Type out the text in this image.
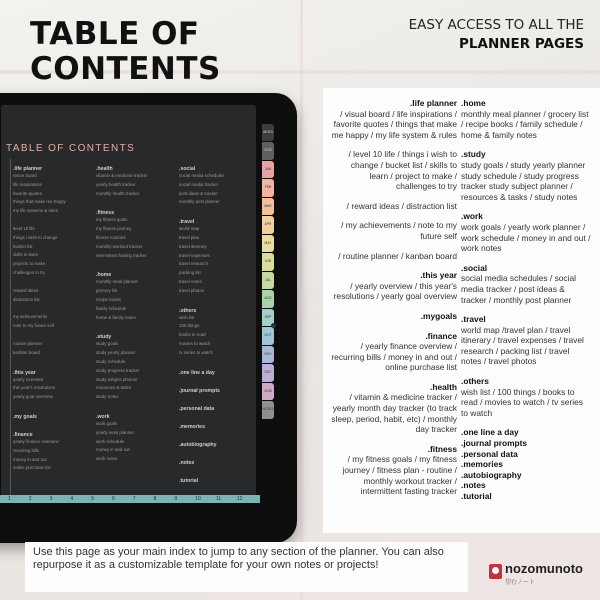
TABLE OF
CONTENTS
EASY ACCESS TO ALL THE
PLANNER PAGES
TABLE OF CONTENTS
.life planner
vision board
life inspirations
favorite quotes
things that make me happy
my life systems & rules
level 10 life
things i wish to change
bucket list
skills to learn
projects to make
challenges to try
reward ideas
distraction list
my achievements
note to my future self
routine planner
kanban board
.this year
yearly overview
this year's resolutions
yearly goal overview
.my goals
.finance
yearly finance overview
recurring bills
money in and out
online purchase list
.health
vitamin & medicine tracker
yearly health tracker
monthly health tracker
.fitness
my fitness goals
my fitness journey
fitness routines
monthly workout tracker
intermittent fasting tracker
.home
monthly meal planner
grocery list
recipe books
family schedule
home & family notes
.study
study goals
study yearly planner
study schedule
study progress tracker
study subject planner
resources & tasks
study notes
.work
work goals
yearly work planner
work schedule
money in and out
work notes
.social
social media schedules
social media tracker
post ideas & tracker
monthly post planner
.travel
world map
travel plan
travel itinerary
travel expenses
travel research
packing list
travel notes
travel photos
.others
wish list
100 things
books to read
movies to watch
tv series to watch
.one line a day
.journal prompts
.personal data
.memories
.autobiography
.notes
.tutorial
INDEX
2025
JAN
FEB
MAR
APR
MAY
JUN
JUL
AUG
SEP
OCT
NOV
DEC
2026
NOTES
1	2	3	4	5	6	7	8	9	10	11	12
.life planner
/ visual board / life inspirations / favorite quotes / things that make me happy / my life system & rules
/ level 10 life / things i wish to change / bucket list / skills to learn / project to make / challenges to try
/ reward ideas / distraction list
/ my achievements / note to my future self
/ routine planner / kanban board
.this year
/ yearly overview / this year's resolutions / yearly goal overview
.mygoals
.finance
/ yearly finance overview / recurring bills / money in and out / online purchase list
.health
/ vitamin & medicine tracker / yearly month day tracker (to track sleep, period, habit, etc) / monthly day tracker
.fitness
/ my fitness goals / my fitness journey / fitness plan - routine / monthly workout tracker / intermittent fasting tracker
.home
monthly meal planner / grocery list / recipe books / family schedule / home & family notes
.study
study goals / study yearly planner study schedule / study progress tracker study subject planner / resources & tasks / study notes
.work
work goals / yearly work planner / work schedule / money in and out / work notes
.social
social media schedules / social media tracker / post ideas & tracker / monthly post planner
.travel
world map /travel plan / travel itinerary / travel expenses / travel research / packing list / travel notes / travel photos
.others
wish list / 100 things / books to read / movies to watch / tv series to watch
.one line a day
.journal prompts
.personal data
.memories
.autobiography
.notes
.tutorial

Use this page as your main index to jump to any section of the planner. You can also repurpose it as a customizable template for your own notes or projects!	nozomunoto
望むノート
